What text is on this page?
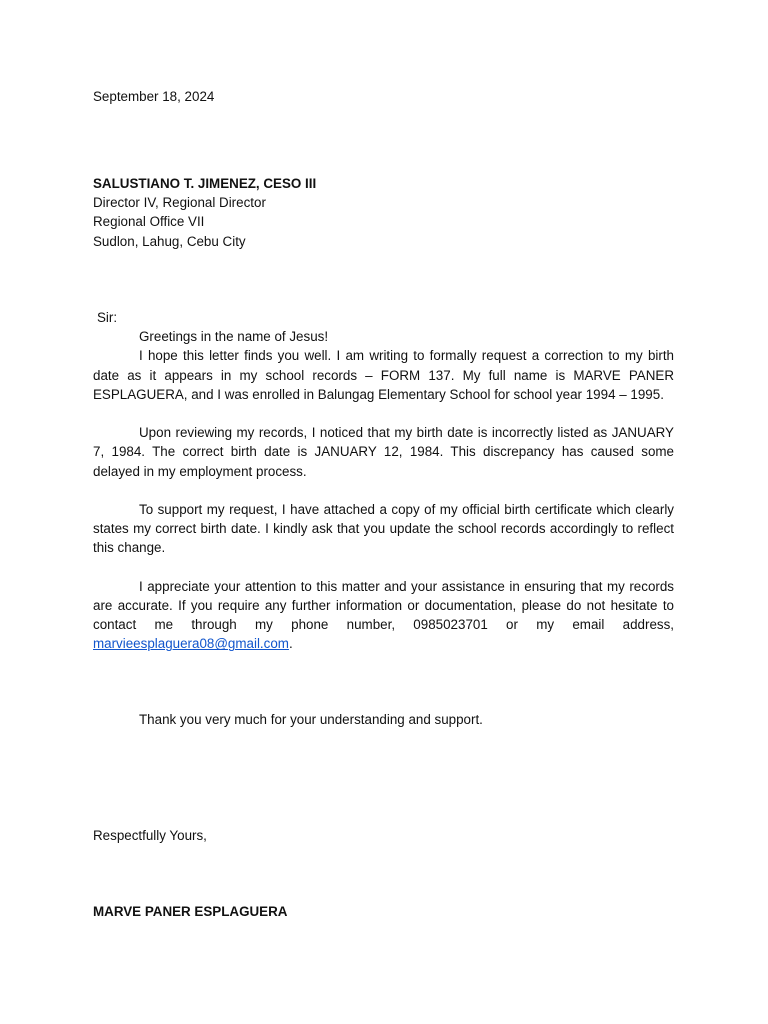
September 18, 2024

SALUSTIANO T. JIMENEZ, CESO III

Director IV, Regional Director

Regional Office VII

Sudlon, Lahug, Cebu City

Sir:

Greetings in the name of Jesus!

I hope this letter finds you well. I am writing to formally request a correction to my birth date as it appears in my school records – FORM 137. My full name is MARVE PANER ESPLAGUERA, and I was enrolled in Balungag Elementary School for school year 1994 – 1995.

Upon reviewing my records, I noticed that my birth date is incorrectly listed as JANUARY 7, 1984. The correct birth date is JANUARY 12, 1984. This discrepancy has caused some delayed in my employment process.

To support my request, I have attached a copy of my official birth certificate which clearly states my correct birth date. I kindly ask that you update the school records accordingly to reflect this change.

I appreciate your attention to this matter and your assistance in ensuring that my records are accurate. If you require any further information or documentation, please do not hesitate to contact me through my phone number, 0985023701 or my email address, marvieesplaguera08@gmail.com.

Thank you very much for your understanding and support.

Respectfully Yours,

MARVE PANER ESPLAGUERA
